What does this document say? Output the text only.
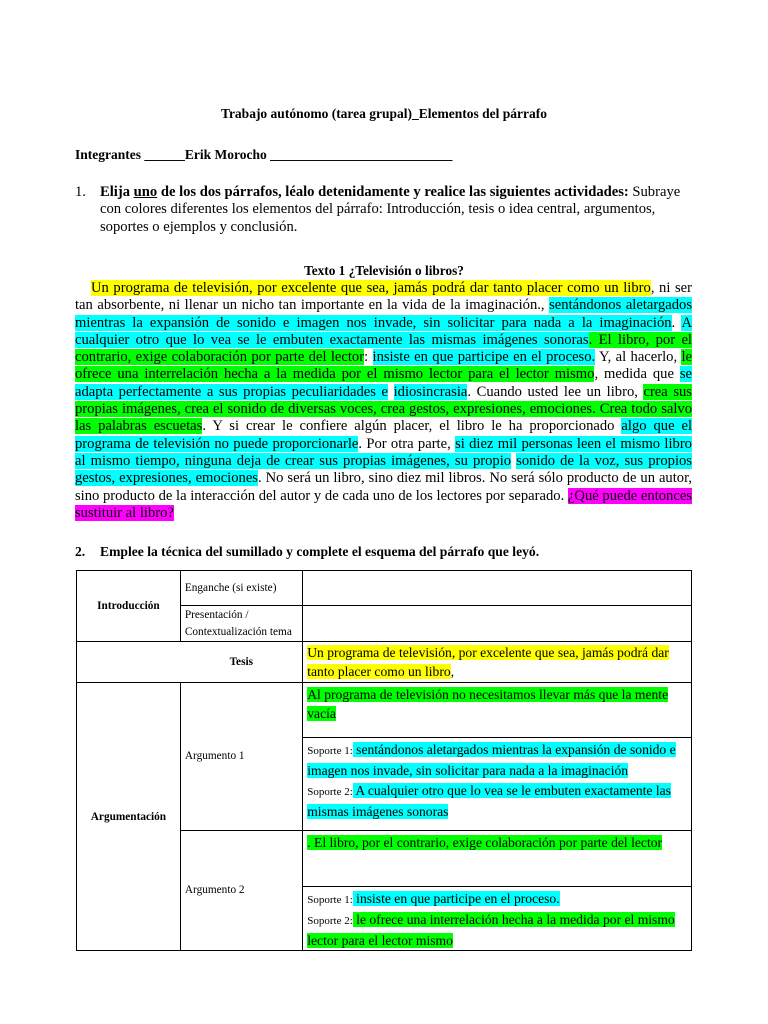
Trabajo autónomo (tarea grupal)_Elementos del párrafo
Integrantes ______Erik Morocho ___________________________
1. Elija uno de los dos párrafos, léalo detenidamente y realice las siguientes actividades: Subraye con colores diferentes los elementos del párrafo: Introducción, tesis o idea central, argumentos, soportes o ejemplos y conclusión.
Texto 1 ¿Televisión o libros?
Un programa de televisión, por excelente que sea, jamás podrá dar tanto placer como un libro, ni ser tan absorbente, ni llenar un nicho tan importante en la vida de la imaginación., sentándonos aletargados mientras la expansión de sonido e imagen nos invade, sin solicitar para nada a la imaginación. A cualquier otro que lo vea se le embuten exactamente las mismas imágenes sonoras. El libro, por el contrario, exige colaboración por parte del lector: insiste en que participe en el proceso. Y, al hacerlo, le ofrece una interrelación hecha a la medida por el mismo lector para el lector mismo, medida que se adapta perfectamente a sus propias peculiaridades e idiosincrasia. Cuando usted lee un libro, crea sus propias imágenes, crea el sonido de diversas voces, crea gestos, expresiones, emociones. Crea todo salvo las palabras escuetas. Y si crear le confiere algún placer, el libro le ha proporcionado algo que el programa de televisión no puede proporcionarle. Por otra parte, si diez mil personas leen el mismo libro al mismo tiempo, ninguna deja de crear sus propias imágenes, su propio sonido de la voz, sus propios gestos, expresiones, emociones. No será un libro, sino diez mil libros. No será sólo producto de un autor, sino producto de la interacción del autor y de cada uno de los lectores por separado. ¿Qué puede entonces sustituir al libro?
2. Emplee la técnica del sumillado y complete el esquema del párrafo que leyó.
Introducción	Enganche (si existe)	

	Presentación /
Contextualización tema	

	Tesis	Un programa de televisión, por excelente que sea, jamás podrá dar tanto placer como un libro,
Argumentación	Argumento 1	Al programa de televisión no necesitamos llevar más que la mente vacía

		Soporte 1: sentándonos aletargados mientras la expansión de sonido e imagen nos invade, sin solicitar para nada a la imaginación
Soporte 2: A cualquier otro que lo vea se le embuten exactamente las mismas imágenes sonoras

	Argumento 2	. El libro, por el contrario, exige colaboración por parte del lector

		Soporte 1: insiste en que participe en el proceso.
Soporte 2: le ofrece una interrelación hecha a la medida por el mismo lector para el lector mismo
